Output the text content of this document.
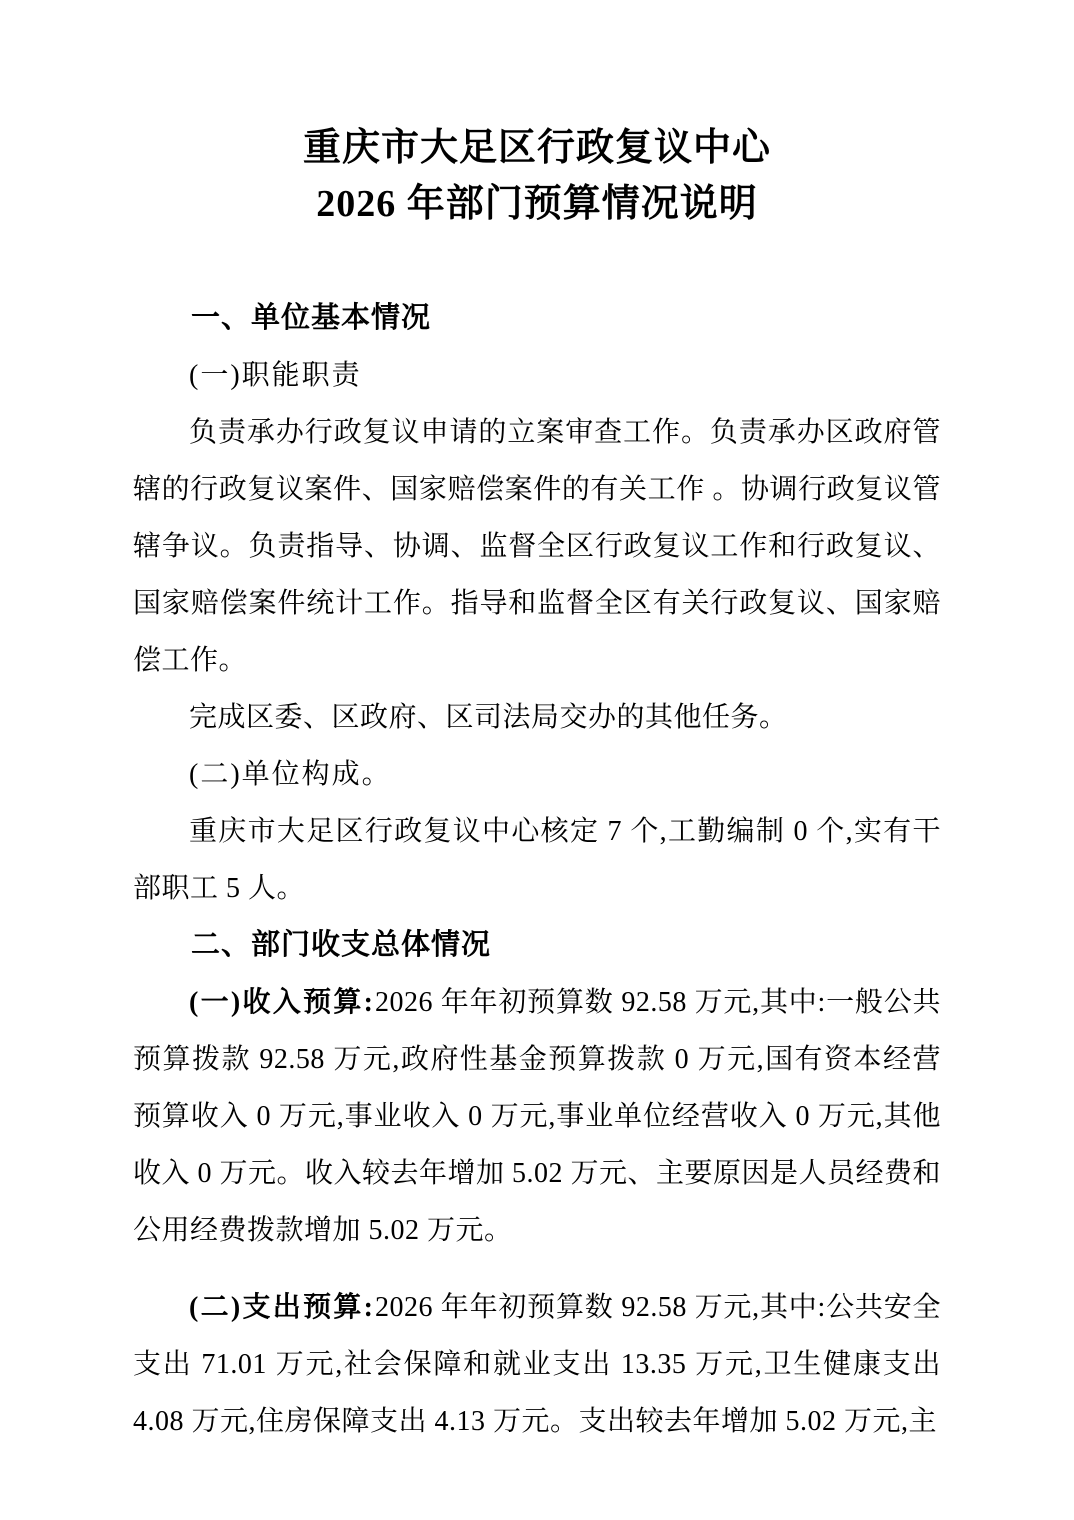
重庆市大足区行政复议中心
2026 年部门预算情况说明
一、单位基本情况

(一)职能职责

负责承办行政复议申请的立案审查工作。负责承办区政府管辖的行政复议案件、国家赔偿案件的有关工作 。协调行政复议管辖争议。负责指导、协调、监督全区行政复议工作和行政复议、国家赔偿案件统计工作。指导和监督全区有关行政复议、国家赔偿工作。

完成区委、区政府、区司法局交办的其他任务。

(二)单位构成。

重庆市大足区行政复议中心核定 7 个,工勤编制 0 个,实有干部职工 5 人。

二、部门收支总体情况

(一)收入预算:2026 年年初预算数 92.58 万元,其中:一般公共预算拨款 92.58 万元,政府性基金预算拨款 0 万元,国有资本经营预算收入 0 万元,事业收入 0 万元,事业单位经营收入 0 万元,其他收入 0 万元。收入较去年增加 5.02 万元、主要原因是人员经费和公用经费拨款增加 5.02 万元。

(二)支出预算:2026 年年初预算数 92.58 万元,其中:公共安全支出 71.01 万元,社会保障和就业支出 13.35 万元,卫生健康支出 4.08 万元,住房保障支出 4.13 万元。支出较去年增加 5.02 万元,主
